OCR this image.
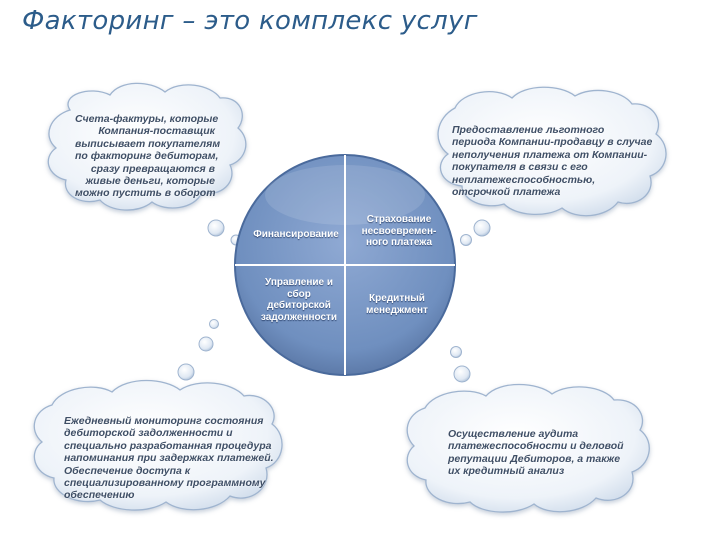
Факторинг – это комплекс услуг
Финансирование
Страхование
несвоевремен-
ного платежа
Управление и
сбор
дебиторской
задолженности
Кредитный
менеджмент
Счета-фактуры, которые
Компания-поставщик
выписывает покупателям
по факторинг дебиторам,
сразу превращаются в
живые деньги, которые
можно пустить в оборот
Предоставление льготного
периода Компании-продавцу в случае
неполучения платежа от Компании-
покупателя в связи с его
неплатежеспособностью,
отсрочкой платежа
Ежедневный мониторинг состояния
дебиторской задолженности и
специально разработанная процедура
напоминания при задержках платежей.
Обеспечение доступа к
специализированному программному
обеспечению
Осуществление аудита
платежеспособности и деловой
репутации Дебиторов, а также
их кредитный анализ
